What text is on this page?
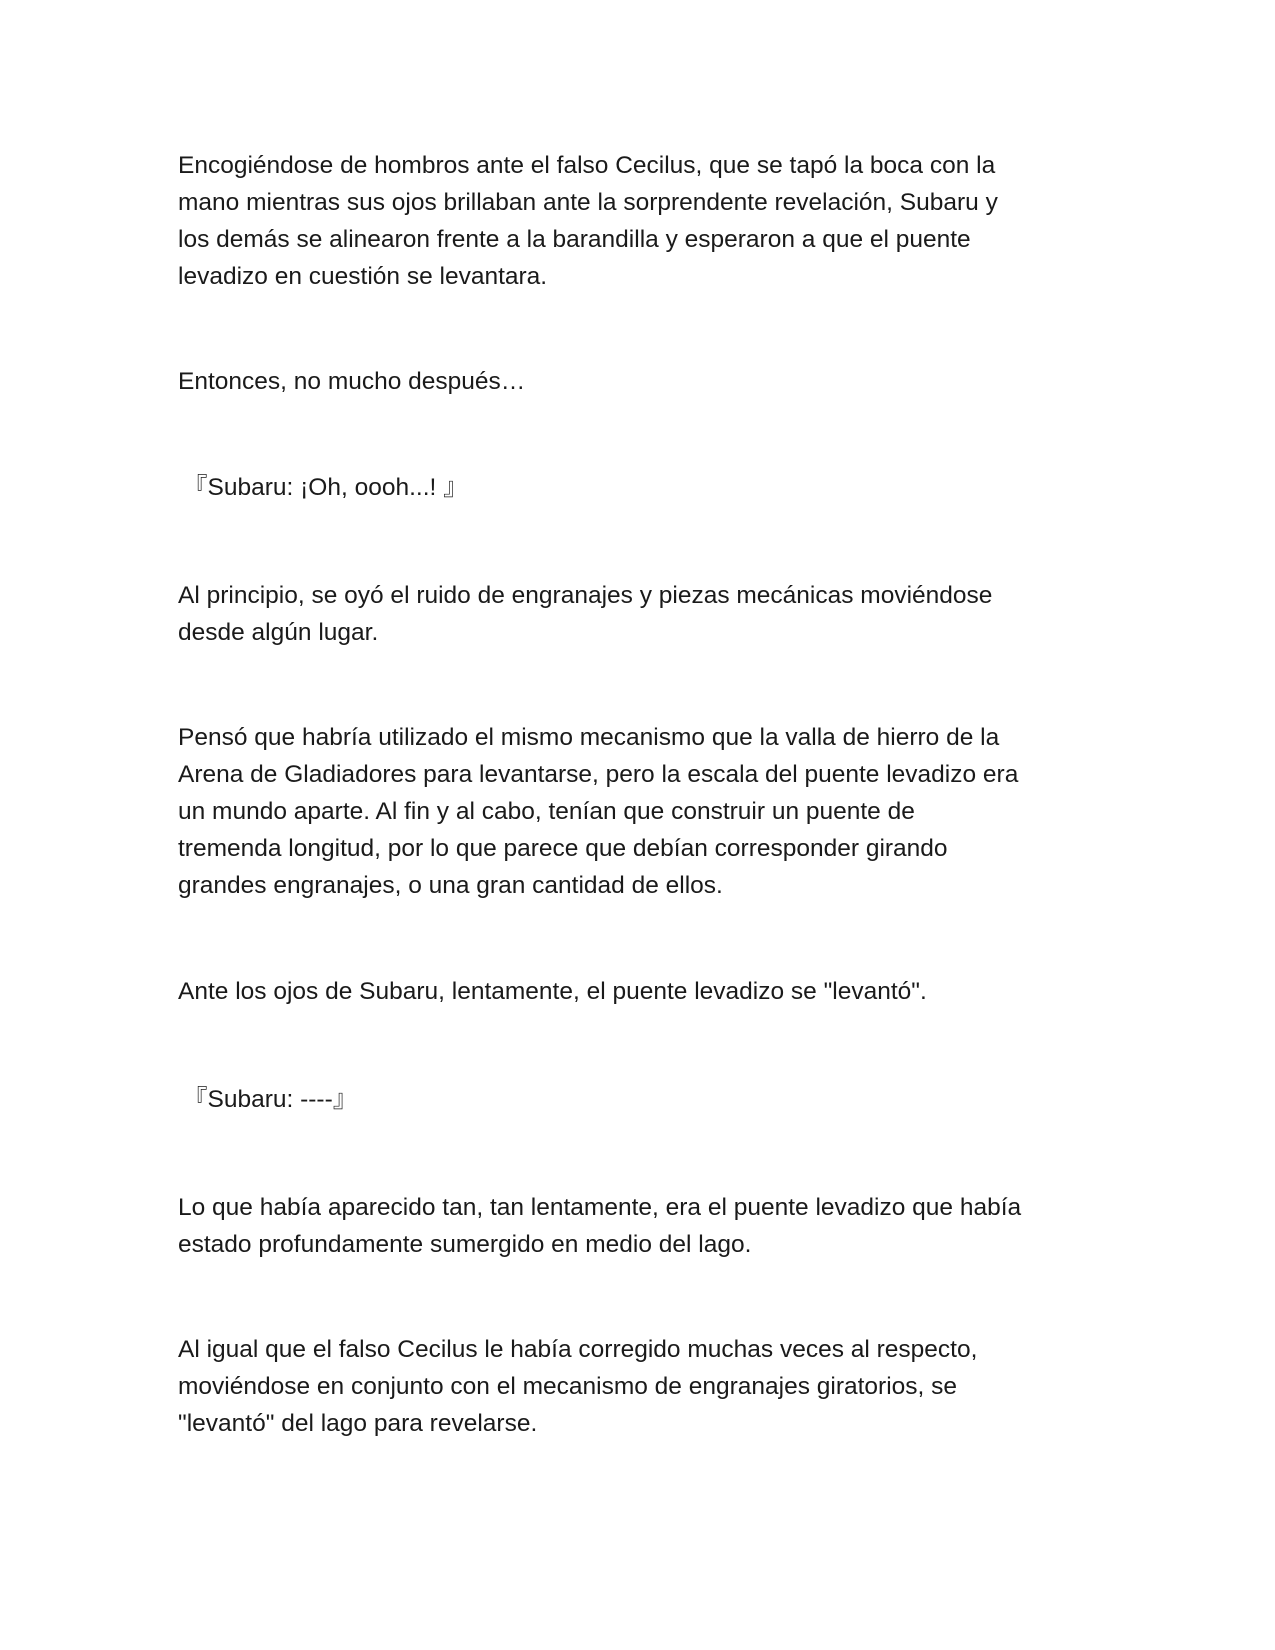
Encogiéndose de hombros ante el falso Cecilus, que se tapó la boca con la

mano mientras sus ojos brillaban ante la sorprendente revelación, Subaru y

los demás se alinearon frente a la barandilla y esperaron a que el puente

levadizo en cuestión se levantara.

Entonces, no mucho después…

『Subaru: ¡Oh, oooh...! 』

Al principio, se oyó el ruido de engranajes y piezas mecánicas moviéndose

desde algún lugar.

Pensó que habría utilizado el mismo mecanismo que la valla de hierro de la

Arena de Gladiadores para levantarse, pero la escala del puente levadizo era

un mundo aparte. Al fin y al cabo, tenían que construir un puente de

tremenda longitud, por lo que parece que debían corresponder girando

grandes engranajes, o una gran cantidad de ellos.

Ante los ojos de Subaru, lentamente, el puente levadizo se "levantó".

『Subaru: ----』

Lo que había aparecido tan, tan lentamente, era el puente levadizo que había

estado profundamente sumergido en medio del lago.

Al igual que el falso Cecilus le había corregido muchas veces al respecto,

moviéndose en conjunto con el mecanismo de engranajes giratorios, se

"levantó" del lago para revelarse.
